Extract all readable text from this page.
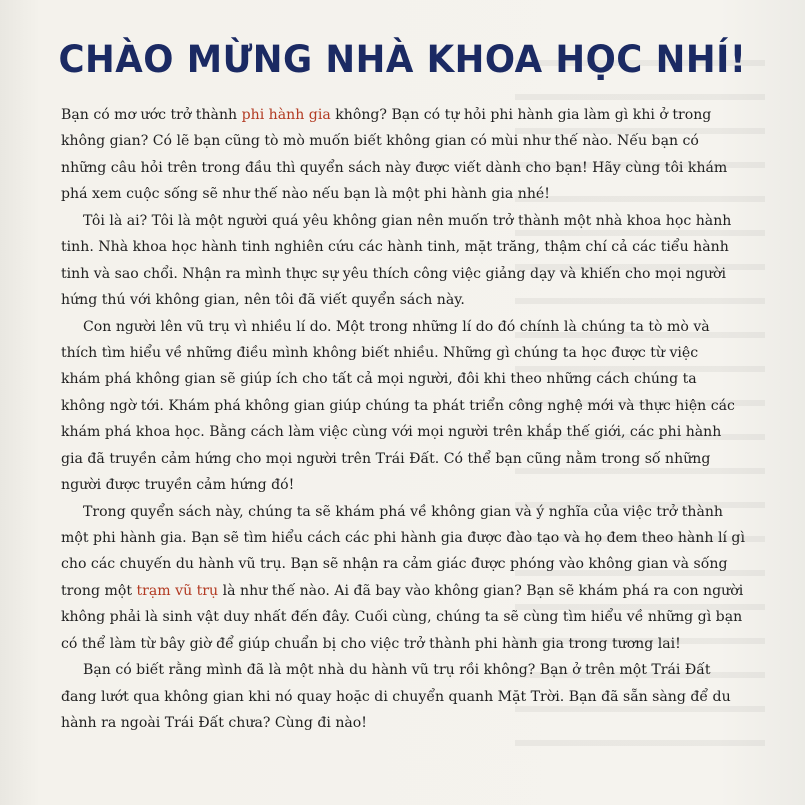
CHÀO MỪNG NHÀ KHOA HỌC NHÍ!
Bạn có mơ ước trở thành phi hành gia không? Bạn có tự hỏi phi hành gia làm gì khi ở trong
không gian? Có lẽ bạn cũng tò mò muốn biết không gian có mùi như thế nào. Nếu bạn có
những câu hỏi trên trong đầu thì quyển sách này được viết dành cho bạn! Hãy cùng tôi khám
phá xem cuộc sống sẽ như thế nào nếu bạn là một phi hành gia nhé!
Tôi là ai? Tôi là một người quá yêu không gian nên muốn trở thành một nhà khoa học hành
tinh. Nhà khoa học hành tinh nghiên cứu các hành tinh, mặt trăng, thậm chí cả các tiểu hành
tinh và sao chổi. Nhận ra mình thực sự yêu thích công việc giảng dạy và khiến cho mọi người
hứng thú với không gian, nên tôi đã viết quyển sách này.
Con người lên vũ trụ vì nhiều lí do. Một trong những lí do đó chính là chúng ta tò mò và
thích tìm hiểu về những điều mình không biết nhiều. Những gì chúng ta học được từ việc
khám phá không gian sẽ giúp ích cho tất cả mọi người, đôi khi theo những cách chúng ta
không ngờ tới. Khám phá không gian giúp chúng ta phát triển công nghệ mới và thực hiện các
khám phá khoa học. Bằng cách làm việc cùng với mọi người trên khắp thế giới, các phi hành
gia đã truyền cảm hứng cho mọi người trên Trái Đất. Có thể bạn cũng nằm trong số những
người được truyền cảm hứng đó!
Trong quyển sách này, chúng ta sẽ khám phá về không gian và ý nghĩa của việc trở thành
một phi hành gia. Bạn sẽ tìm hiểu cách các phi hành gia được đào tạo và họ đem theo hành lí gì
cho các chuyến du hành vũ trụ. Bạn sẽ nhận ra cảm giác được phóng vào không gian và sống
trong một trạm vũ trụ là như thế nào. Ai đã bay vào không gian? Bạn sẽ khám phá ra con người
không phải là sinh vật duy nhất đến đây. Cuối cùng, chúng ta sẽ cùng tìm hiểu về những gì bạn
có thể làm từ bây giờ để giúp chuẩn bị cho việc trở thành phi hành gia trong tương lai!
Bạn có biết rằng mình đã là một nhà du hành vũ trụ rồi không? Bạn ở trên một Trái Đất
đang lướt qua không gian khi nó quay hoặc di chuyển quanh Mặt Trời. Bạn đã sẵn sàng để du
hành ra ngoài Trái Đất chưa? Cùng đi nào!
